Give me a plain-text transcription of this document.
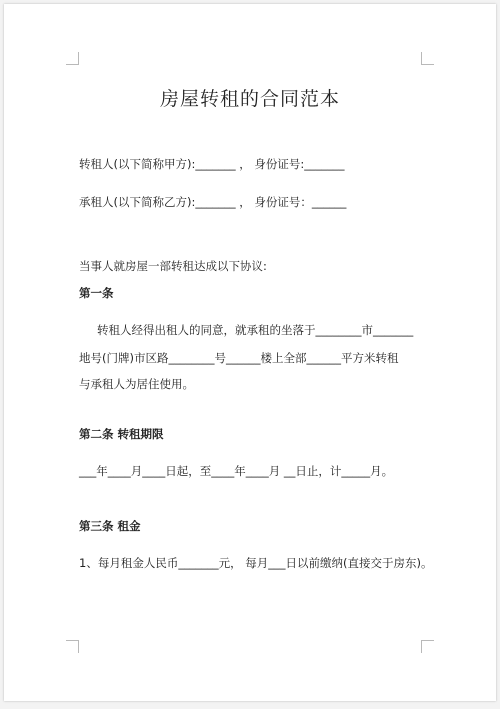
房屋转租的合同范本
转租人(以下简称甲方):_______ ， 身份证号:_______
承租人(以下简称乙方):_______ ， 身份证号：______
当事人就房屋一部转租达成以下协议:
第一条
转租人经得出租人的同意，就承租的坐落于________市_______
地号(门牌)市区路________号______楼上全部______平方米转租
与承租人为居住使用。
第二条 转租期限
___年____月____日起，至____年____月 __日止，计_____月。
第三条 租金
1、每月租金人民币_______元， 每月___日以前缴纳(直接交于房东)。
